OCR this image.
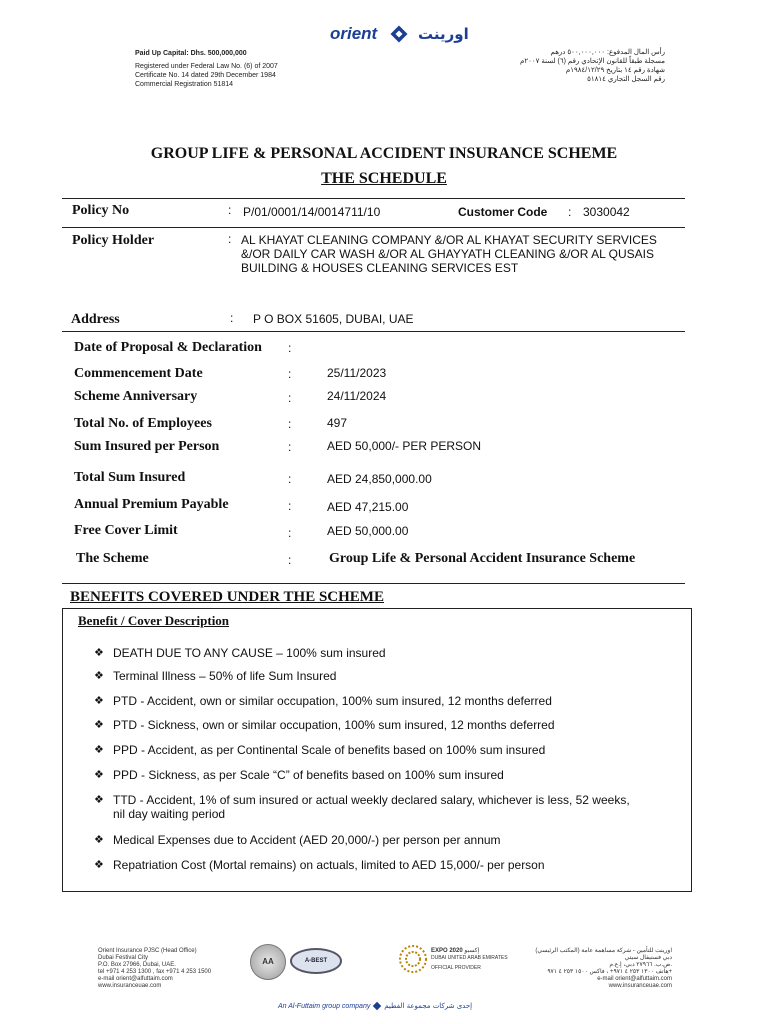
Paid Up Capital: Dhs. 500,000,000
Registered under Federal Law No. (6) of 2007
Certificate No. 14 dated 29th December 1984
Commercial Registration 51814
orient	اورينت
رأس المال المدفوع: ٥٠٠,٠٠٠,٠٠٠ درهم
مسجلة طبقاً للقانون الإتحادي رقم (٦) لسنة ٢٠٠٧م
شهادة رقم ١٤ بتاريخ ١٩٨٤/١٢/٢٩م
رقم السجل التجاري ٥١٨١٤
GROUP LIFE & PERSONAL ACCIDENT INSURANCE SCHEME
THE SCHEDULE
Policy No	: P/01/0001/14/0014711/10	Customer Code : 3030042
Policy Holder	: AL KHAYAT CLEANING COMPANY &/OR AL KHAYAT SECURITY SERVICES
&/OR DAILY CAR WASH &/OR AL GHAYYATH CLEANING &/OR AL QUSAIS
BUILDING & HOUSES CLEANING SERVICES EST
Address	: P O BOX 51605, DUBAI, UAE
Date of Proposal & Declaration :
Commencement Date	:	25/11/2023
Scheme Anniversary	:	24/11/2024
Total No. of Employees	:	497
Sum Insured per Person	:	AED 50,000/- PER PERSON
Total Sum Insured	:	AED 24,850,000.00
Annual Premium Payable	:	AED 47,215.00
Free Cover Limit	:	AED 50,000.00
The Scheme	:	Group Life & Personal Accident Insurance Scheme
BENEFITS COVERED UNDER THE SCHEME
Benefit / Cover Description
❖ DEATH DUE TO ANY CAUSE – 100% sum insured
❖ Terminal Illness – 50% of life Sum Insured
❖ PTD - Accident, own or similar occupation, 100% sum insured, 12 months deferred
❖ PTD - Sickness, own or similar occupation, 100% sum insured, 12 months deferred
❖ PPD - Accident, as per Continental Scale of benefits based on 100% sum insured
❖ PPD - Sickness, as per Scale “C” of benefits based on 100% sum insured
❖ TTD - Accident, 1% of sum insured or actual weekly declared salary, whichever is less, 52 weeks, nil day waiting period
❖ Medical Expenses due to Accident (AED 20,000/-) per person per annum
❖ Repatriation Cost (Mortal remains) on actuals, limited to AED 15,000/- per person
Orient Insurance PJSC (Head Office)
Dubai Festival City
P.O. Box 27966, Dubai, UAE.
tel +971 4 253 1300 , fax +971 4 253 1500
e-mail orient@alfuttaim.com
www.insuranceuae.com
AA	A-BEST
EXPO 2020 إكسبو
DUBAI UNITED ARAB EMIRATES
OFFICIAL PROVIDER
اورينت للتأمين - شركة مساهمة عامة (المكتب الرئيسي)
دبي فستيفال سيتي
ص.ب. ٢٧٩٦٦ دبي، إ.ع.م.
هاتف ١٣٠٠ ٢٥٣ ٤ ٩٧١+ ، فاكس ١٥٠٠ ٢٥٣ ٤ ٩٧١+
e-mail orient@alfuttaim.com
www.insuranceuae.com
An Al-Futtaim group company إحدى شركات مجموعة الفطيم
